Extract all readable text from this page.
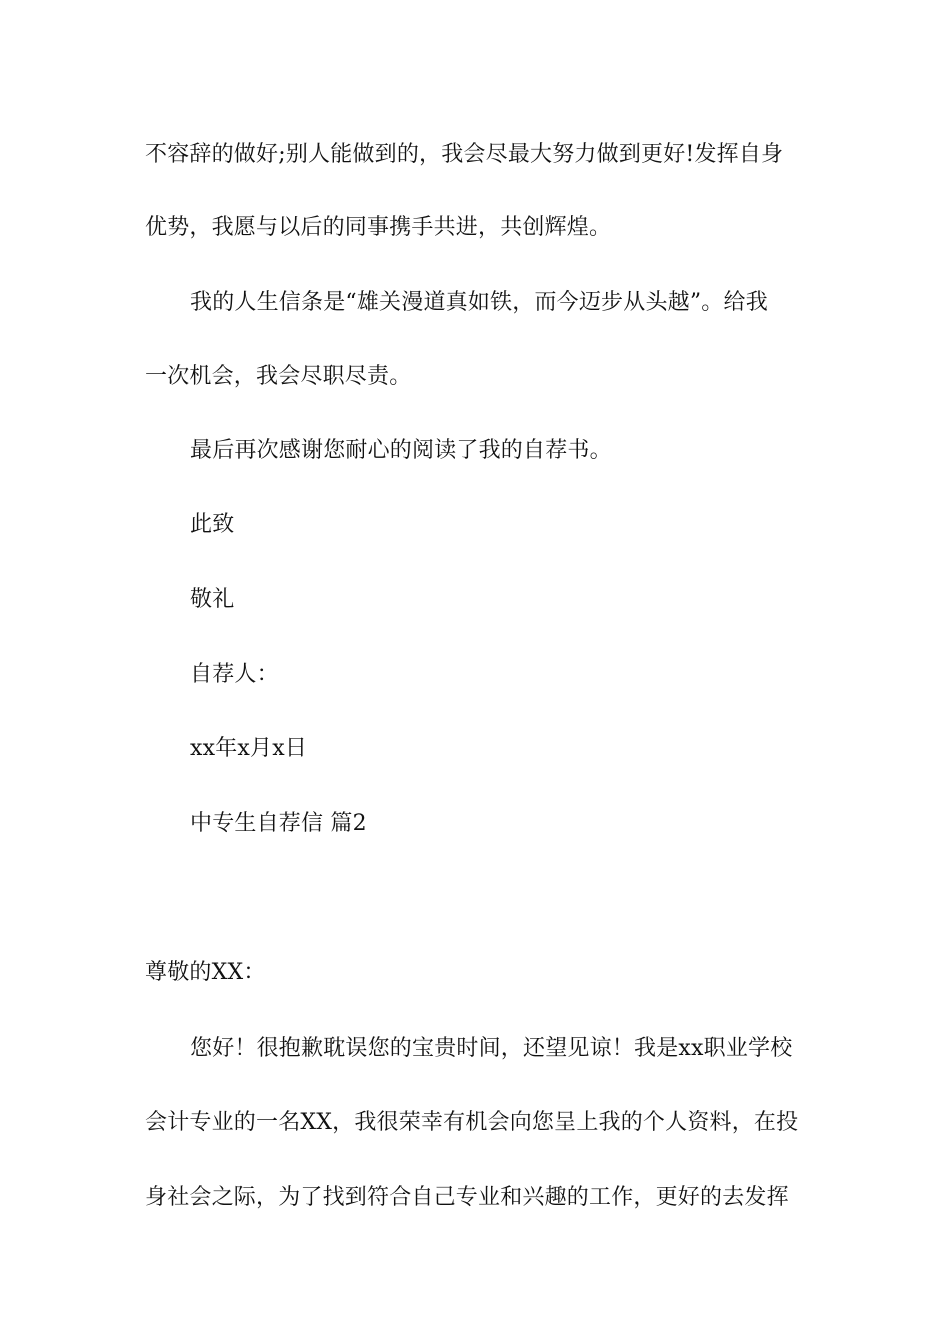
不容辞的做好;别人能做到的，我会尽最大努力做到更好!发挥自身
优势，我愿与以后的同事携手共进，共创辉煌。
我的人生信条是“雄关漫道真如铁，而今迈步从头越”。给我
一次机会，我会尽职尽责。
最后再次感谢您耐心的阅读了我的自荐书。
此致
敬礼
自荐人：
xx年x月x日
中专生自荐信 篇2
尊敬的XX：
您好！很抱歉耽误您的宝贵时间，还望见谅！我是xx职业学校
会计专业的一名XX，我很荣幸有机会向您呈上我的个人资料，在投
身社会之际，为了找到符合自己专业和兴趣的工作，更好的去发挥
